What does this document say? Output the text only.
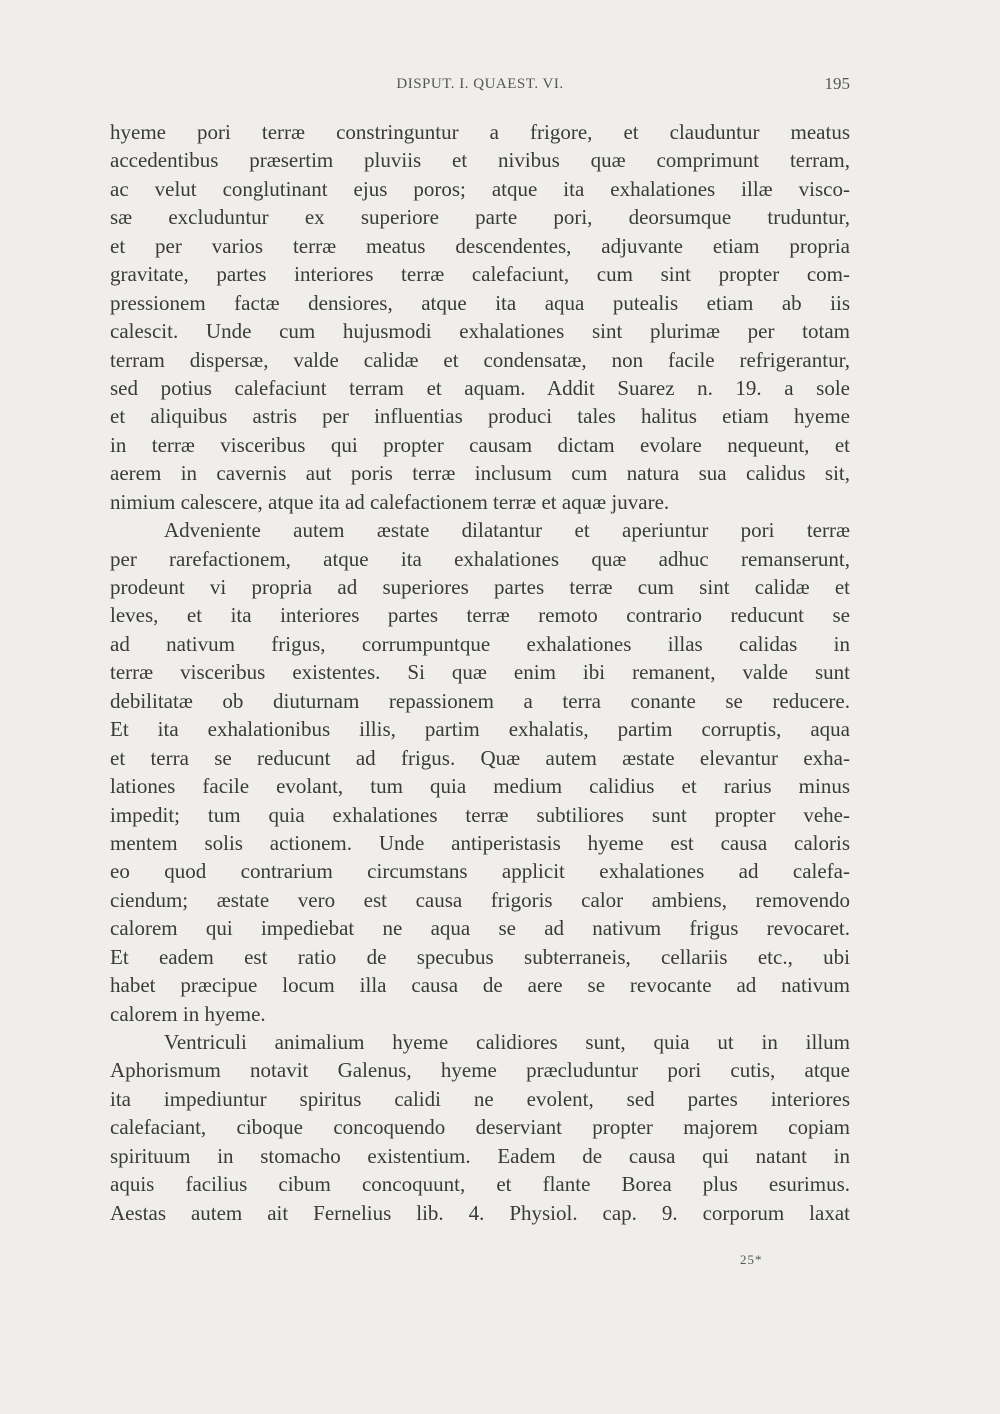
DISPUT. I. QUAEST. VI.	195
hyeme pori terræ constringuntur a frigore, et clauduntur meatus
accedentibus præsertim pluviis et nivibus quæ comprimunt terram,
ac velut conglutinant ejus poros; atque ita exhalationes illæ visco-
sæ excluduntur ex superiore parte pori, deorsumque truduntur,
et per varios terræ meatus descendentes, adjuvante etiam propria
gravitate, partes interiores terræ calefaciunt, cum sint propter com-
pressionem factæ densiores, atque ita aqua putealis etiam ab iis
calescit. Unde cum hujusmodi exhalationes sint plurimæ per totam
terram dispersæ, valde calidæ et condensatæ, non facile refrigerantur,
sed potius calefaciunt terram et aquam. Addit Suarez n. 19. a sole
et aliquibus astris per influentias produci tales halitus etiam hyeme
in terræ visceribus qui propter causam dictam evolare nequeunt, et
aerem in cavernis aut poris terræ inclusum cum natura sua calidus sit,
nimium calescere, atque ita ad calefactionem terræ et aquæ juvare.
Adveniente autem æstate dilatantur et aperiuntur pori terræ
per rarefactionem, atque ita exhalationes quæ adhuc remanserunt,
prodeunt vi propria ad superiores partes terræ cum sint calidæ et
leves, et ita interiores partes terræ remoto contrario reducunt se
ad nativum frigus, corrumpuntque exhalationes illas calidas in
terræ visceribus existentes. Si quæ enim ibi remanent, valde sunt
debilitatæ ob diuturnam repassionem a terra conante se reducere.
Et ita exhalationibus illis, partim exhalatis, partim corruptis, aqua
et terra se reducunt ad frigus. Quæ autem æstate elevantur exha-
lationes facile evolant, tum quia medium calidius et rarius minus
impedit; tum quia exhalationes terræ subtiliores sunt propter vehe-
mentem solis actionem. Unde antiperistasis hyeme est causa caloris
eo quod contrarium circumstans applicit exhalationes ad calefa-
ciendum; æstate vero est causa frigoris calor ambiens, removendo
calorem qui impediebat ne aqua se ad nativum frigus revocaret.
Et eadem est ratio de specubus subterraneis, cellariis etc., ubi
habet præcipue locum illa causa de aere se revocante ad nativum
calorem in hyeme.
Ventriculi animalium hyeme calidiores sunt, quia ut in illum
Aphorismum notavit Galenus, hyeme præcluduntur pori cutis, atque
ita impediuntur spiritus calidi ne evolent, sed partes interiores
calefaciant, ciboque concoquendo deserviant propter majorem copiam
spirituum in stomacho existentium. Eadem de causa qui natant in
aquis facilius cibum concoquunt, et flante Borea plus esurimus.
Aestas autem ait Fernelius lib. 4. Physiol. cap. 9. corporum laxat
25*
